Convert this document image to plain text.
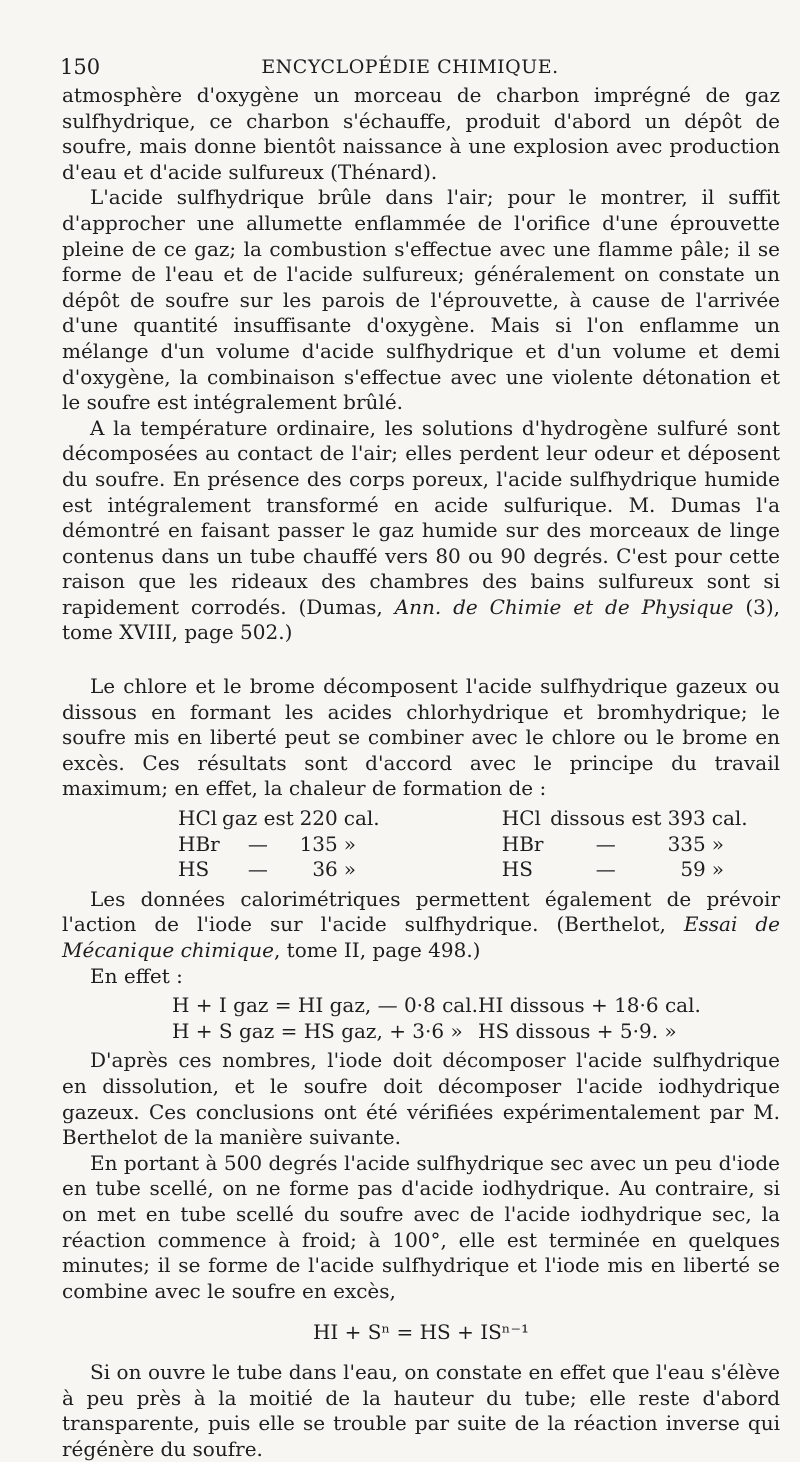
150	ENCYCLOPÉDIE CHIMIQUE.

atmosphère d'oxygène un morceau de charbon imprégné de gaz sulfhydrique, ce charbon s'échauffe, produit d'abord un dépôt de soufre, mais donne bientôt naissance à une explosion avec production d'eau et d'acide sulfureux (Thénard).

L'acide sulfhydrique brûle dans l'air; pour le montrer, il suffit d'approcher une allumette enflammée de l'orifice d'une éprouvette pleine de ce gaz; la combustion s'effectue avec une flamme pâle; il se forme de l'eau et de l'acide sulfureux; généralement on constate un dépôt de soufre sur les parois de l'éprouvette, à cause de l'arrivée d'une quantité insuffisante d'oxygène. Mais si l'on enflamme un mélange d'un volume d'acide sulfhydrique et d'un volume et demi d'oxygène, la combinaison s'effectue avec une violente détonation et le soufre est intégralement brûlé.

A la température ordinaire, les solutions d'hydrogène sulfuré sont décomposées au contact de l'air; elles perdent leur odeur et déposent du soufre. En présence des corps poreux, l'acide sulfhydrique humide est intégralement transformé en acide sulfurique. M. Dumas l'a démontré en faisant passer le gaz humide sur des morceaux de linge contenus dans un tube chauffé vers 80 ou 90 degrés. C'est pour cette raison que les rideaux des chambres des bains sulfureux sont si rapidement corrodés. (Dumas, Ann. de Chimie et de Physique (3), tome XVIII, page 502.)

Le chlore et le brome décomposent l'acide sulfhydrique gazeux ou dissous en formant les acides chlorhydrique et bromhydrique; le soufre mis en liberté peut se combiner avec le chlore ou le brome en excès. Ces résultats sont d'accord avec le principe du travail maximum; en effet, la chaleur de formation de :

HCl	gaz est	220	cal.	HCl	dissous est	393	cal.
HBr	—	135	»	HBr	—	335	»
HS	—	36	»	HS	—	59	»

Les données calorimétriques permettent également de prévoir l'action de l'iode sur l'acide sulfhydrique. (Berthelot, Essai de Mécanique chimique, tome II, page 498.)

En effet :

H + I gaz = HI gaz, — 0·8 cal.	HI dissous + 18·6 cal.
H + S gaz = HS gaz, + 3·6 »	HS dissous + 5·9. »

D'après ces nombres, l'iode doit décomposer l'acide sulfhydrique en dissolution, et le soufre doit décomposer l'acide iodhydrique gazeux. Ces conclusions ont été vérifiées expérimentalement par M. Berthelot de la manière suivante.

En portant à 500 degrés l'acide sulfhydrique sec avec un peu d'iode en tube scellé, on ne forme pas d'acide iodhydrique. Au contraire, si on met en tube scellé du soufre avec de l'acide iodhydrique sec, la réaction commence à froid; à 100°, elle est terminée en quelques minutes; il se forme de l'acide sulfhydrique et l'iode mis en liberté se combine avec le soufre en excès,

HI + Sⁿ = HS + ISⁿ⁻¹

Si on ouvre le tube dans l'eau, on constate en effet que l'eau s'élève à peu près à la moitié de la hauteur du tube; elle reste d'abord transparente, puis elle se trouble par suite de la réaction inverse qui régénère du soufre.
